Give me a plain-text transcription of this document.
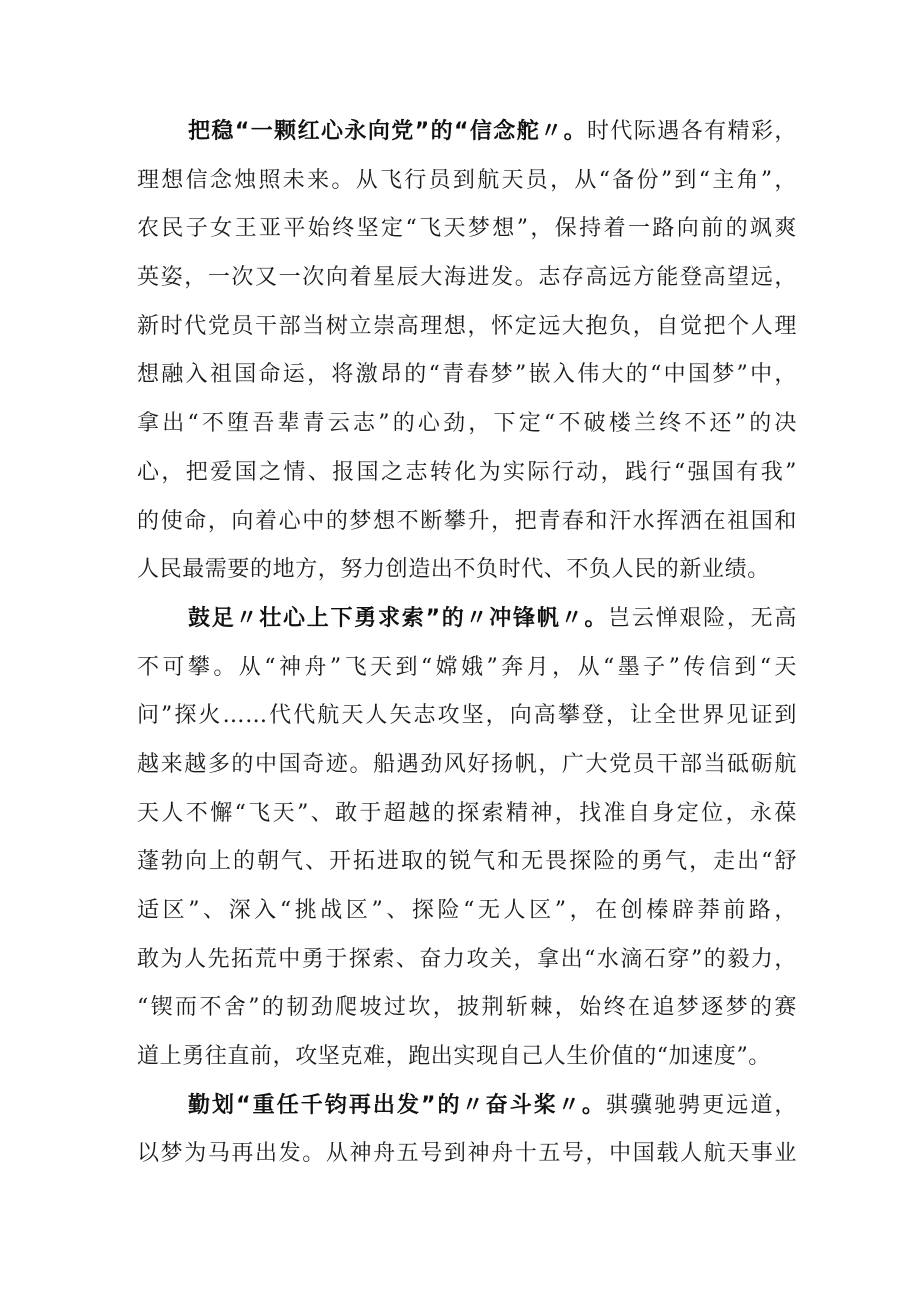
把稳“一颗红心永向党”的“信念舵〃。时代际遇各有精彩，
理想信念烛照未来。从飞行员到航天员，从“备份”到“主角”，
农民子女王亚平始终坚定“飞天梦想”，保持着一路向前的飒爽
英姿，一次又一次向着星辰大海进发。志存高远方能登高望远，
新时代党员干部当树立崇高理想，怀定远大抱负，自觉把个人理
想融入祖国命运，将激昂的“青春梦”嵌入伟大的“中国梦”中，
拿出“不堕吾辈青云志”的心劲，下定“不破楼兰终不还”的决
心，把爱国之情、报国之志转化为实际行动，践行“强国有我”
的使命，向着心中的梦想不断攀升，把青春和汗水挥洒在祖国和
人民最需要的地方，努力创造出不负时代、不负人民的新业绩。
鼓足〃壮心上下勇求索”的〃冲锋帆〃。岂云惮艰险，无高
不可攀。从“神舟”飞天到“嫦娥”奔月，从“墨子”传信到“天
问”探火……代代航天人矢志攻坚，向高攀登，让全世界见证到
越来越多的中国奇迹。船遇劲风好扬帆，广大党员干部当砥砺航
天人不懈“飞天”、敢于超越的探索精神，找准自身定位，永葆
蓬勃向上的朝气、开拓进取的锐气和无畏探险的勇气，走出“舒
适区”、深入“挑战区”、探险“无人区”，在创榛辟莽前路，
敢为人先拓荒中勇于探索、奋力攻关，拿出“水滴石穿”的毅力，
“锲而不舍”的韧劲爬坡过坎，披荆斩棘，始终在追梦逐梦的赛
道上勇往直前，攻坚克难，跑出实现自己人生价值的“加速度”。
勤划“重任千钧再出发”的〃奋斗桨〃。骐骥驰骋更远道，
以梦为马再出发。从神舟五号到神舟十五号，中国载人航天事业
